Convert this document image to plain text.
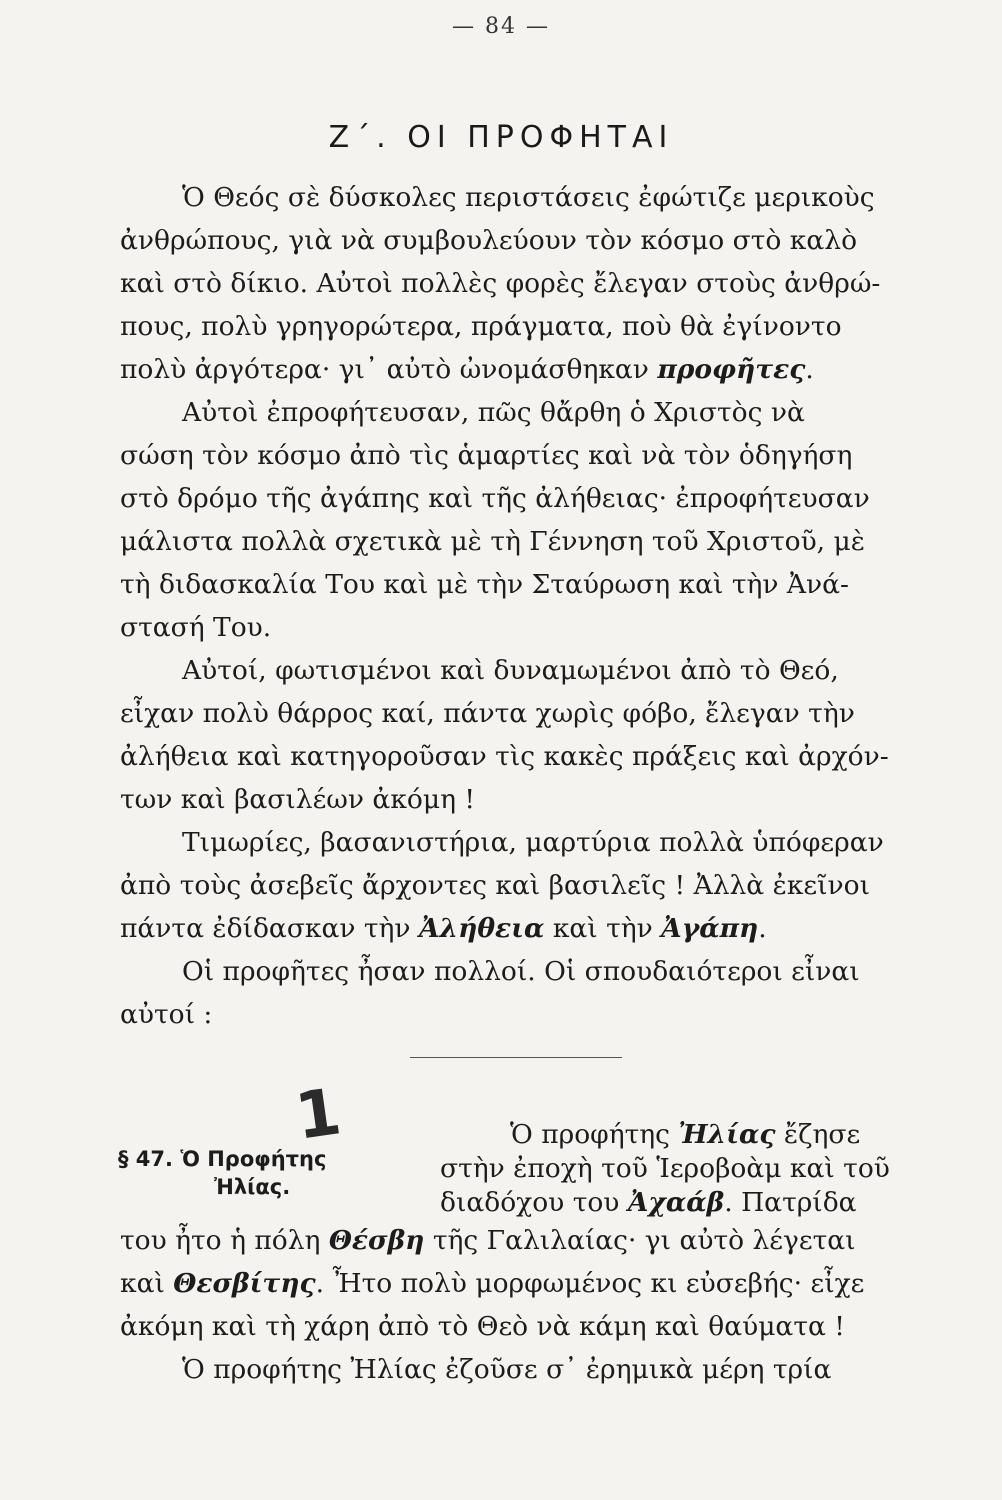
— 84 —
Ζ΄. ΟΙ ΠΡΟΦΗΤΑΙ
Ὁ Θεός σὲ δύσκολες περιστάσεις ἐφώτιζε μερικοὺς
ἀνθρώπους, γιὰ νὰ συμβουλεύουν τὸν κόσμο στὸ καλὸ
καὶ στὸ δίκιο. Αὐτοὶ πολλὲς φορὲς ἔλεγαν στοὺς ἀνθρώ-
πους, πολὺ γρηγορώτερα, πράγματα, ποὺ θὰ ἐγίνοντο
πολὺ ἀργότερα· γι᾽ αὐτὸ ὠνομάσθηκαν προφῆτες.
Αὐτοὶ ἐπροφήτευσαν, πῶς θἄρθη ὁ Χριστὸς νὰ
σώση τὸν κόσμο ἀπὸ τὶς ἁμαρτίες καὶ νὰ τὸν ὁδηγήση
στὸ δρόμο τῆς ἀγάπης καὶ τῆς ἀλήθειας· ἐπροφήτευσαν
μάλιστα πολλὰ σχετικὰ μὲ τὴ Γέννηση τοῦ Χριστοῦ, μὲ
τὴ διδασκαλία Του καὶ μὲ τὴν Σταύρωση καὶ τὴν Ἀνά-
στασή Του.
Αὐτοί, φωτισμένοι καὶ δυναμωμένοι ἀπὸ τὸ Θεό,
εἶχαν πολὺ θάρρος καί, πάντα χωρὶς φόβο, ἔλεγαν τὴν
ἀλήθεια καὶ κατηγοροῦσαν τὶς κακὲς πράξεις καὶ ἀρχόν-
των καὶ βασιλέων ἀκόμη !
Τιμωρίες, βασανιστήρια, μαρτύρια πολλὰ ὑπόφεραν
ἀπὸ τοὺς ἀσεβεῖς ἄρχοντες καὶ βασιλεῖς ! Ἀλλὰ ἐκεῖνοι
πάντα ἐδίδασκαν τὴν Ἀλήθεια καὶ τὴν Ἀγάπη.
Οἱ προφῆτες ἦσαν πολλοί. Οἱ σπουδαιότεροι εἶναι
αὐτοί :
1
§ 47. Ὁ Προφήτης
Ἠλίας.
Ὁ προφήτης Ἠλίας ἔζησε
στὴν ἐποχὴ τοῦ Ἱεροβοὰμ καὶ τοῦ
διαδόχου του Ἀχαάβ. Πατρίδα
του ἦτο ἡ πόλη Θέσβη τῆς Γαλιλαίας· γι αὐτὸ λέγεται
καὶ Θεσβίτης. Ἦτο πολὺ μορφωμένος κι εὐσεβής· εἶχε
ἀκόμη καὶ τὴ χάρη ἀπὸ τὸ Θεὸ νὰ κάμη καὶ θαύματα !
Ὁ προφήτης Ἠλίας ἐζοῦσε σ᾽ ἐρημικὰ μέρη τρία
